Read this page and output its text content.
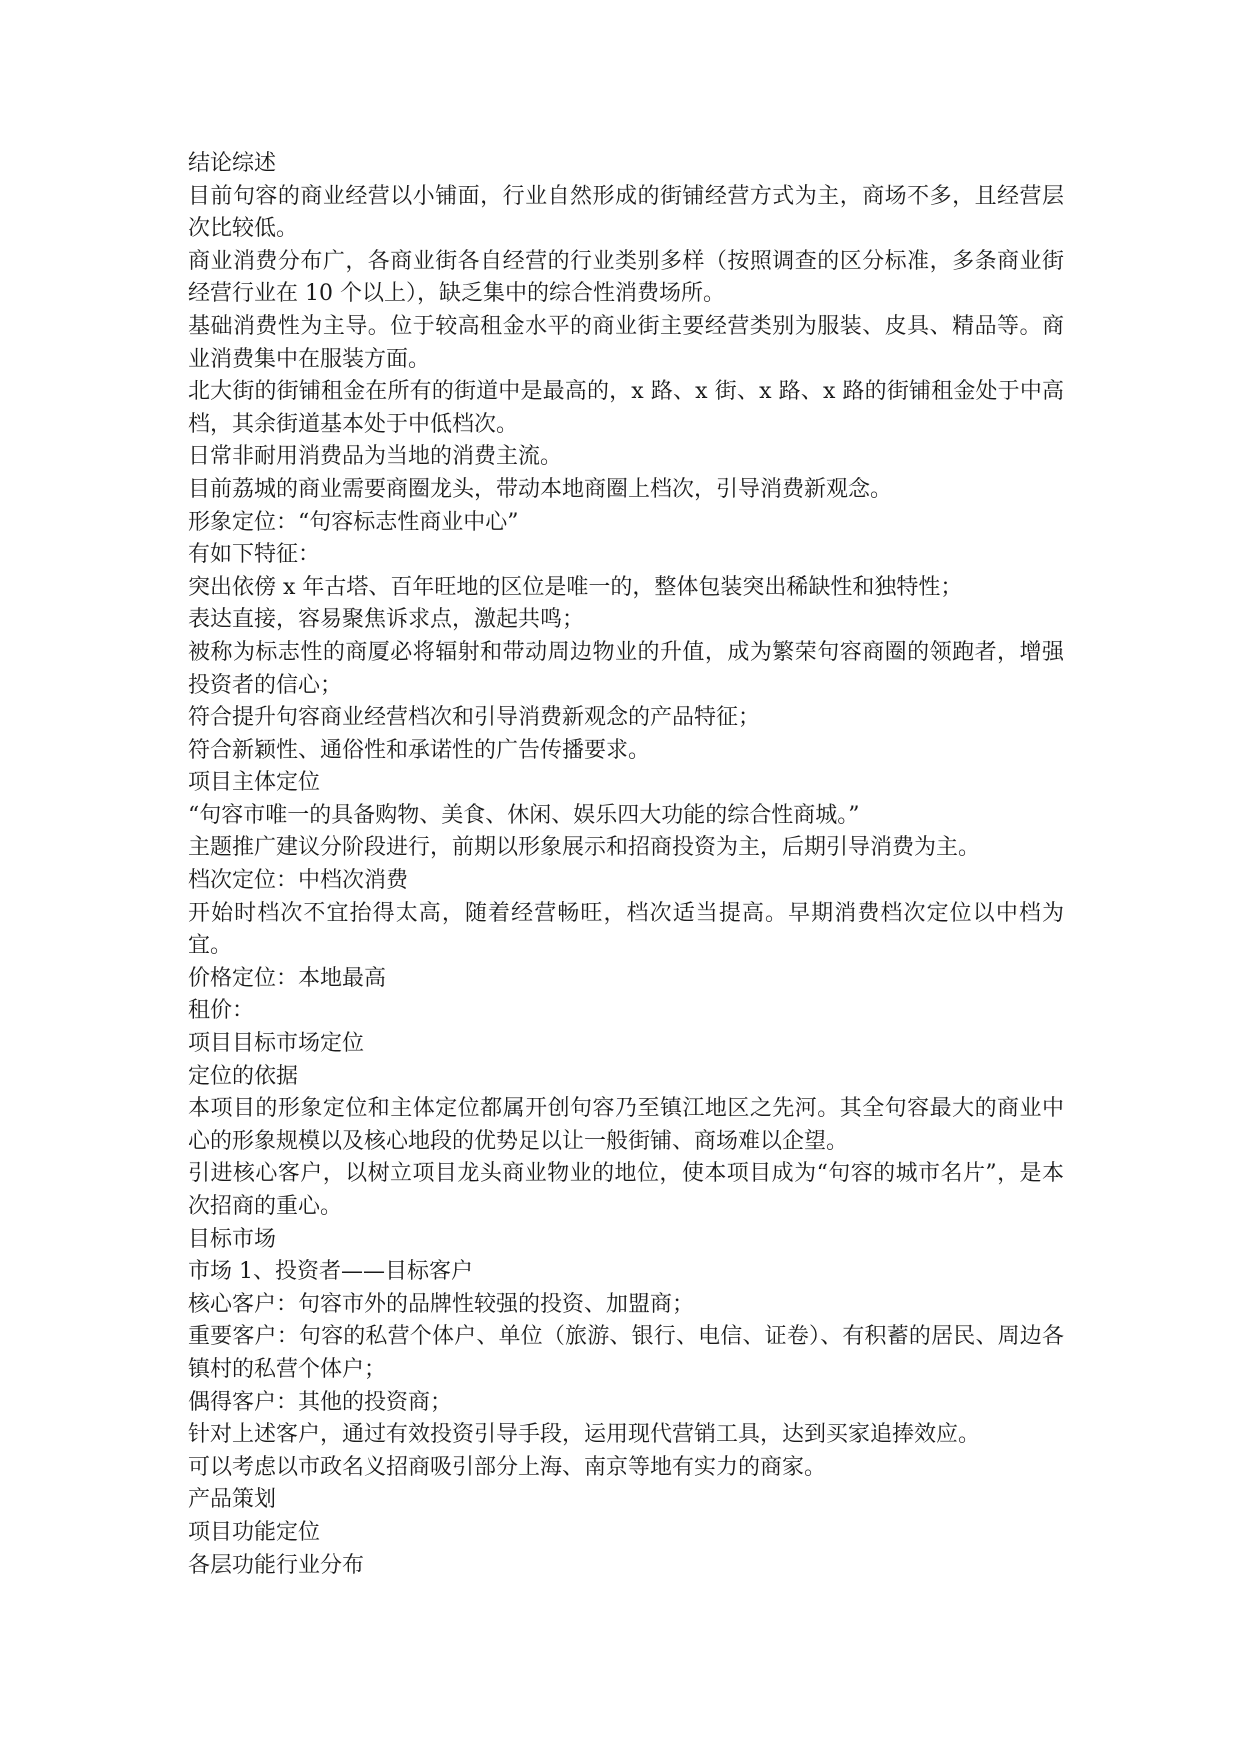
结论综述

目前句容的商业经营以小铺面，行业自然形成的街铺经营方式为主，商场不多，且经营层次比较低。

商业消费分布广，各商业街各自经营的行业类别多样（按照调查的区分标准，多条商业街经营行业在 10 个以上），缺乏集中的综合性消费场所。

基础消费性为主导。位于较高租金水平的商业街主要经营类别为服装、皮具、精品等。商业消费集中在服装方面。

北大街的街铺租金在所有的街道中是最高的，x 路、x 街、x 路、x 路的街铺租金处于中高档，其余街道基本处于中低档次。

日常非耐用消费品为当地的消费主流。

目前荔城的商业需要商圈龙头，带动本地商圈上档次，引导消费新观念。

形象定位：“句容标志性商业中心”

有如下特征：

突出依傍 x 年古塔、百年旺地的区位是唯一的，整体包装突出稀缺性和独特性；

表达直接，容易聚焦诉求点，激起共鸣；

被称为标志性的商厦必将辐射和带动周边物业的升值，成为繁荣句容商圈的领跑者，增强投资者的信心；

符合提升句容商业经营档次和引导消费新观念的产品特征；

符合新颖性、通俗性和承诺性的广告传播要求。

项目主体定位

“句容市唯一的具备购物、美食、休闲、娱乐四大功能的综合性商城。”

主题推广建议分阶段进行，前期以形象展示和招商投资为主，后期引导消费为主。

档次定位：中档次消费

开始时档次不宜抬得太高，随着经营畅旺，档次适当提高。早期消费档次定位以中档为宜。

价格定位：本地最高

租价：

项目目标市场定位

定位的依据

本项目的形象定位和主体定位都属开创句容乃至镇江地区之先河。其全句容最大的商业中心的形象规模以及核心地段的优势足以让一般街铺、商场难以企望。

引进核心客户，以树立项目龙头商业物业的地位，使本项目成为“句容的城市名片”，是本次招商的重心。

目标市场

市场 1、投资者——目标客户

核心客户：句容市外的品牌性较强的投资、加盟商；

重要客户：句容的私营个体户、单位（旅游、银行、电信、证卷）、有积蓄的居民、周边各镇村的私营个体户；

偶得客户：其他的投资商；

针对上述客户，通过有效投资引导手段，运用现代营销工具，达到买家追捧效应。

可以考虑以市政名义招商吸引部分上海、南京等地有实力的商家。

产品策划

项目功能定位

各层功能行业分布
